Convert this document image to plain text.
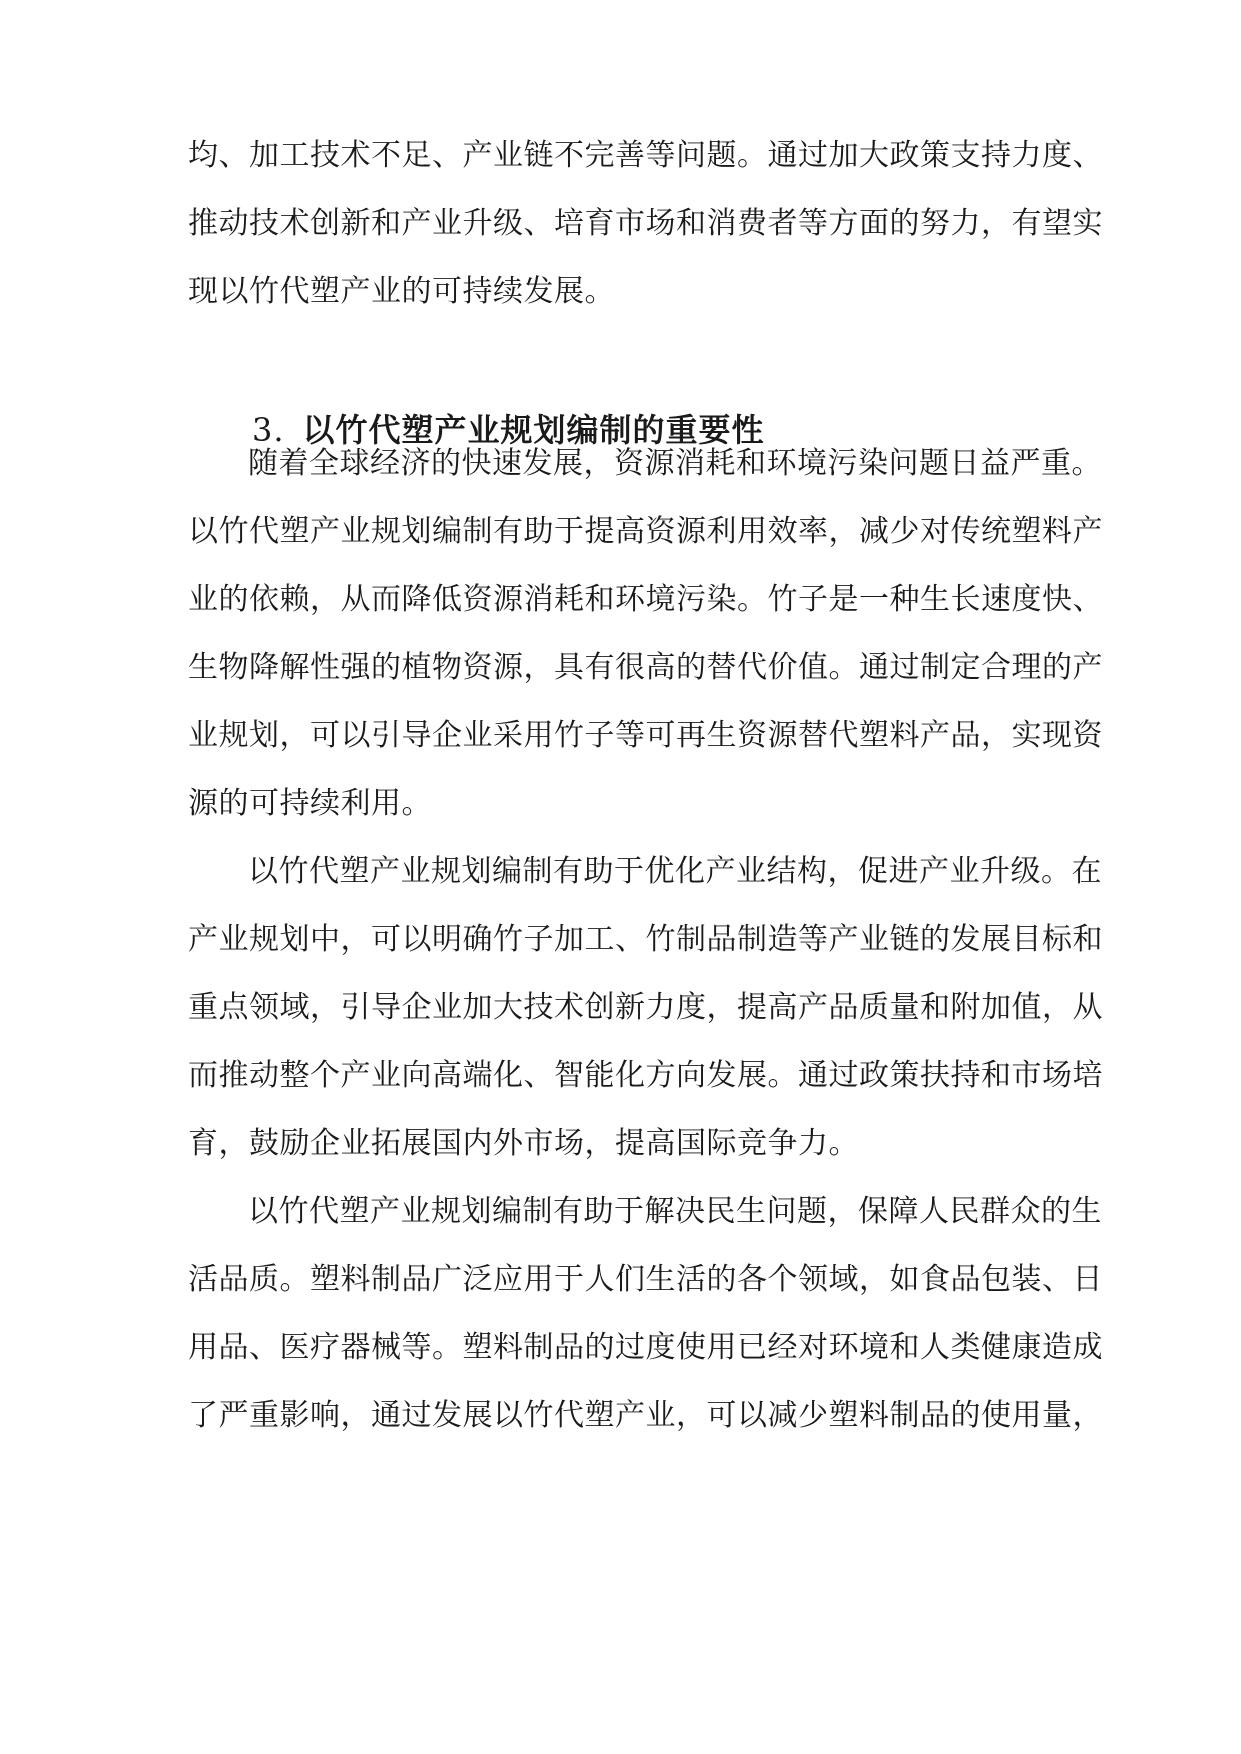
均、加工技术不足、产业链不完善等问题。通过加大政策支持力度、
推动技术创新和产业升级、培育市场和消费者等方面的努力，有望实
现以竹代塑产业的可持续发展。
3. 以竹代塑产业规划编制的重要性
随着全球经济的快速发展，资源消耗和环境污染问题日益严重。
以竹代塑产业规划编制有助于提高资源利用效率，减少对传统塑料产
业的依赖，从而降低资源消耗和环境污染。竹子是一种生长速度快、
生物降解性强的植物资源，具有很高的替代价值。通过制定合理的产
业规划，可以引导企业采用竹子等可再生资源替代塑料产品，实现资
源的可持续利用。
以竹代塑产业规划编制有助于优化产业结构，促进产业升级。在
产业规划中，可以明确竹子加工、竹制品制造等产业链的发展目标和
重点领域，引导企业加大技术创新力度，提高产品质量和附加值，从
而推动整个产业向高端化、智能化方向发展。通过政策扶持和市场培
育，鼓励企业拓展国内外市场，提高国际竞争力。
以竹代塑产业规划编制有助于解决民生问题，保障人民群众的生
活品质。塑料制品广泛应用于人们生活的各个领域，如食品包装、日
用品、医疗器械等。塑料制品的过度使用已经对环境和人类健康造成
了严重影响，通过发展以竹代塑产业，可以减少塑料制品的使用量，
